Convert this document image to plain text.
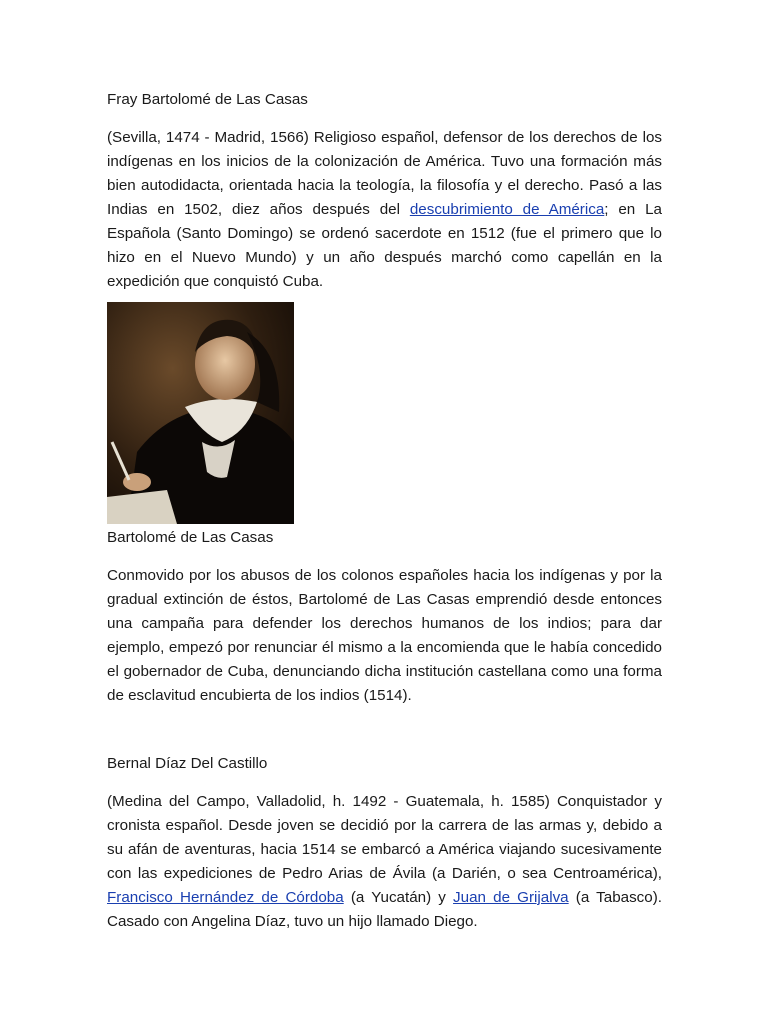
Fray Bartolomé de Las Casas

(Sevilla, 1474 - Madrid, 1566) Religioso español, defensor de los derechos de los indígenas en los inicios de la colonización de América. Tuvo una formación más bien autodidacta, orientada hacia la teología, la filosofía y el derecho. Pasó a las Indias en 1502, diez años después del descubrimiento de América; en La Española (Santo Domingo) se ordenó sacerdote en 1512 (fue el primero que lo hizo en el Nuevo Mundo) y un año después marchó como capellán en la expedición que conquistó Cuba.

Bartolomé de Las Casas

Conmovido por los abusos de los colonos españoles hacia los indígenas y por la gradual extinción de éstos, Bartolomé de Las Casas emprendió desde entonces una campaña para defender los derechos humanos de los indios; para dar ejemplo, empezó por renunciar él mismo a la encomienda que le había concedido el gobernador de Cuba, denunciando dicha institución castellana como una forma de esclavitud encubierta de los indios (1514).

Bernal Díaz Del Castillo

(Medina del Campo, Valladolid, h. 1492 - Guatemala, h. 1585) Conquistador y cronista español. Desde joven se decidió por la carrera de las armas y, debido a su afán de aventuras, hacia 1514 se embarcó a América viajando sucesivamente con las expediciones de Pedro Arias de Ávila (a Darién, o sea Centroamérica), Francisco Hernández de Córdoba (a Yucatán) y Juan de Grijalva (a Tabasco). Casado con Angelina Díaz, tuvo un hijo llamado Diego.
